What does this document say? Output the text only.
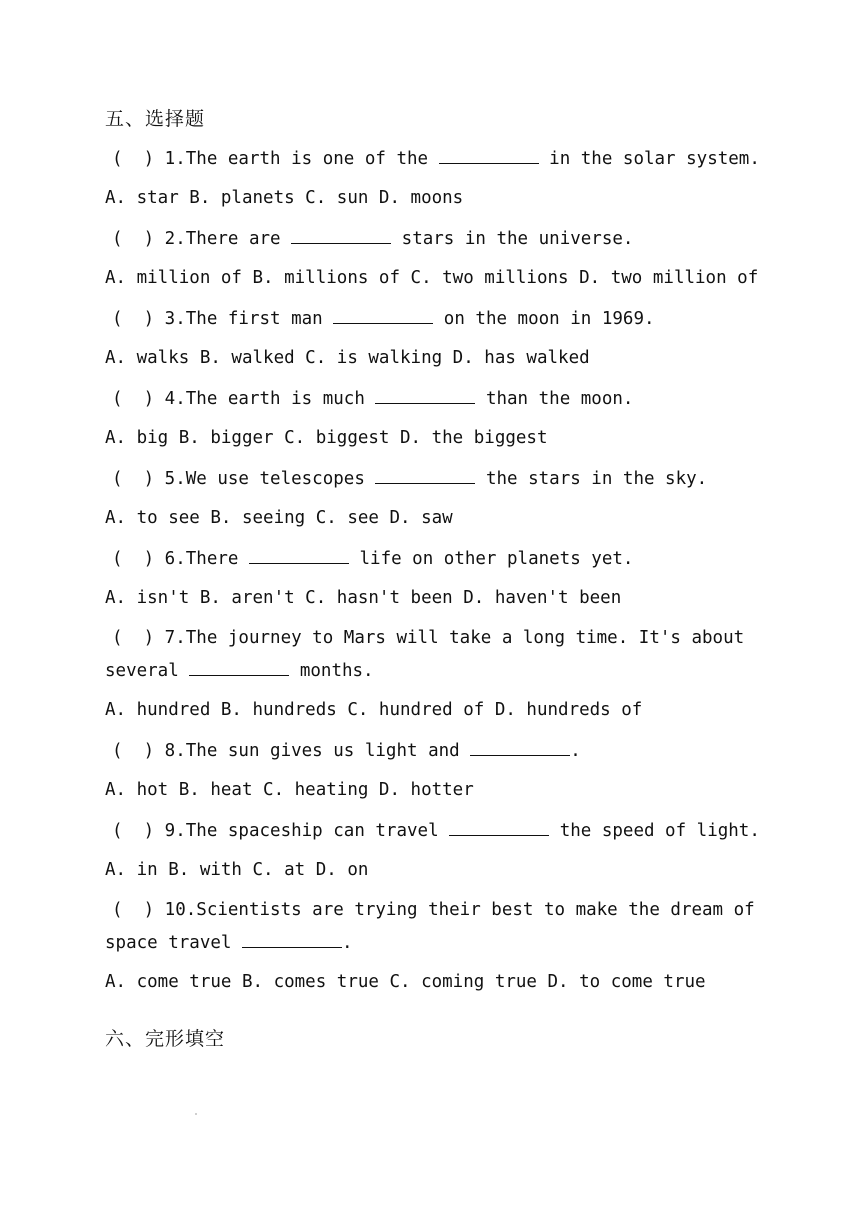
五、选择题
(  ) 1.The earth is one of the	in the solar system.
A. star B. planets C. sun D. moons
(  ) 2.There are	stars in the universe.
A. million of B. millions of C. two millions D. two million of
(  ) 3.The first man	on the moon in 1969.
A. walks B. walked C. is walking D. has walked
(  ) 4.The earth is much	than the moon.
A. big B. bigger C. biggest D. the biggest
(  ) 5.We use telescopes	the stars in the sky.
A. to see B. seeing C. see D. saw
(  ) 6.There	life on other planets yet.
A. isn't B. aren't C. hasn't been D. haven't been
(  ) 7.The journey to Mars will take a long time. It's about
several	months.
A. hundred B. hundreds C. hundred of D. hundreds of
(  ) 8.The sun gives us light and	.
A. hot B. heat C. heating D. hotter
(  ) 9.The spaceship can travel	the speed of light.
A. in B. with C. at D. on
(  ) 10.Scientists are trying their best to make the dream of
space travel	.
A. come true B. comes true C. coming true D. to come true
六、完形填空
